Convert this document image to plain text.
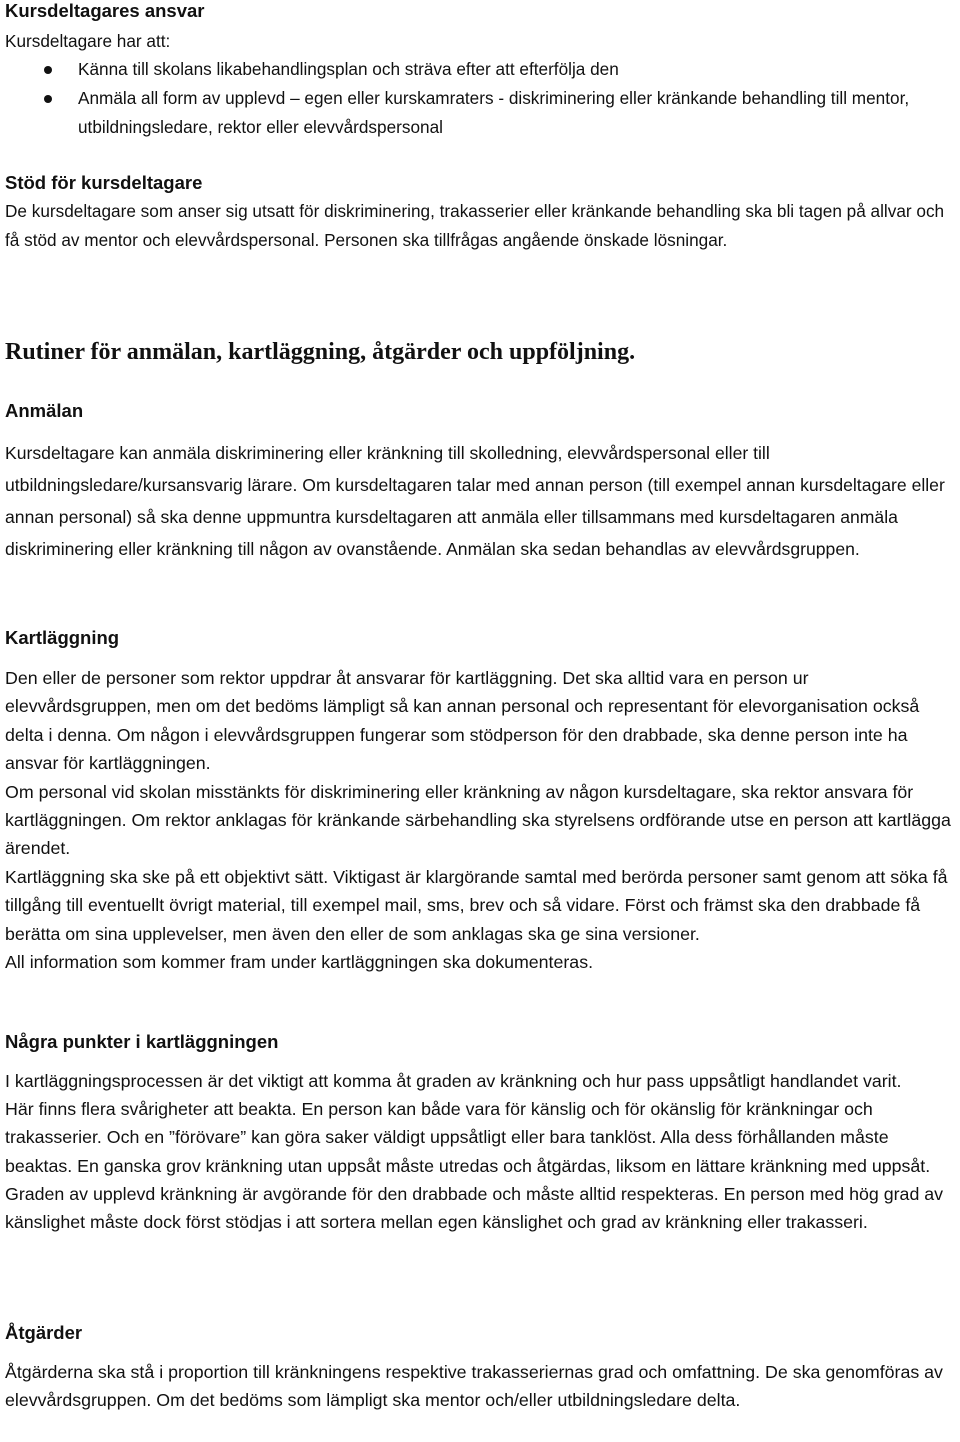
Kursdeltagares ansvar
Kursdeltagare har att:
Känna till skolans likabehandlingsplan och sträva efter att efterfölja den
Anmäla all form av upplevd – egen eller kurskamraters - diskriminering eller kränkande behandling till mentor, utbildningsledare, rektor eller elevvårdspersonal
Stöd för kursdeltagare

De kursdeltagare som anser sig utsatt för diskriminering, trakasserier eller kränkande behandling ska bli tagen på allvar och få stöd av mentor och elevvårdspersonal. Personen ska tillfrågas angående önskade lösningar.

Rutiner för anmälan, kartläggning, åtgärder och uppföljning.
Anmälan

Kursdeltagare kan anmäla diskriminering eller kränkning till skolledning, elevvårdspersonal eller till utbildningsledare/kursansvarig lärare. Om kursdeltagaren talar med annan person (till exempel annan kursdeltagare eller annan personal) så ska denne uppmuntra kursdeltagaren att anmäla eller tillsammans med kursdeltagaren anmäla diskriminering eller kränkning till någon av ovanstående. Anmälan ska sedan behandlas av elevvårdsgruppen.

Kartläggning

Den eller de personer som rektor uppdrar åt ansvarar för kartläggning. Det ska alltid vara en person ur elevvårdsgruppen, men om det bedöms lämpligt så kan annan personal och representant för elevorganisation också delta i denna. Om någon i elevvårdsgruppen fungerar som stödperson för den drabbade, ska denne person inte ha ansvar för kartläggningen.

Om personal vid skolan misstänkts för diskriminering eller kränkning av någon kursdeltagare, ska rektor ansvara för kartläggningen. Om rektor anklagas för kränkande särbehandling ska styrelsens ordförande utse en person att kartlägga ärendet.

Kartläggning ska ske på ett objektivt sätt. Viktigast är klargörande samtal med berörda personer samt genom att söka få tillgång till eventuellt övrigt material, till exempel mail, sms, brev och så vidare. Först och främst ska den drabbade få berätta om sina upplevelser, men även den eller de som anklagas ska ge sina versioner.

All information som kommer fram under kartläggningen ska dokumenteras.

Några punkter i kartläggningen

I kartläggningsprocessen är det viktigt att komma åt graden av kränkning och hur pass uppsåtligt handlandet varit.

Här finns flera svårigheter att beakta. En person kan både vara för känslig och för okänslig för kränkningar och trakasserier. Och en ”förövare” kan göra saker väldigt uppsåtligt eller bara tanklöst. Alla dess förhållanden måste beaktas. En ganska grov kränkning utan uppsåt måste utredas och åtgärdas, liksom en lättare kränkning med uppsåt. Graden av upplevd kränkning är avgörande för den drabbade och måste alltid respekteras. En person med hög grad av känslighet måste dock först stödjas i att sortera mellan egen känslighet och grad av kränkning eller trakasseri.

Åtgärder

Åtgärderna ska stå i proportion till kränkningens respektive trakasseriernas grad och omfattning. De ska genomföras av elevvårdsgruppen. Om det bedöms som lämpligt ska mentor och/eller utbildningsledare delta.
